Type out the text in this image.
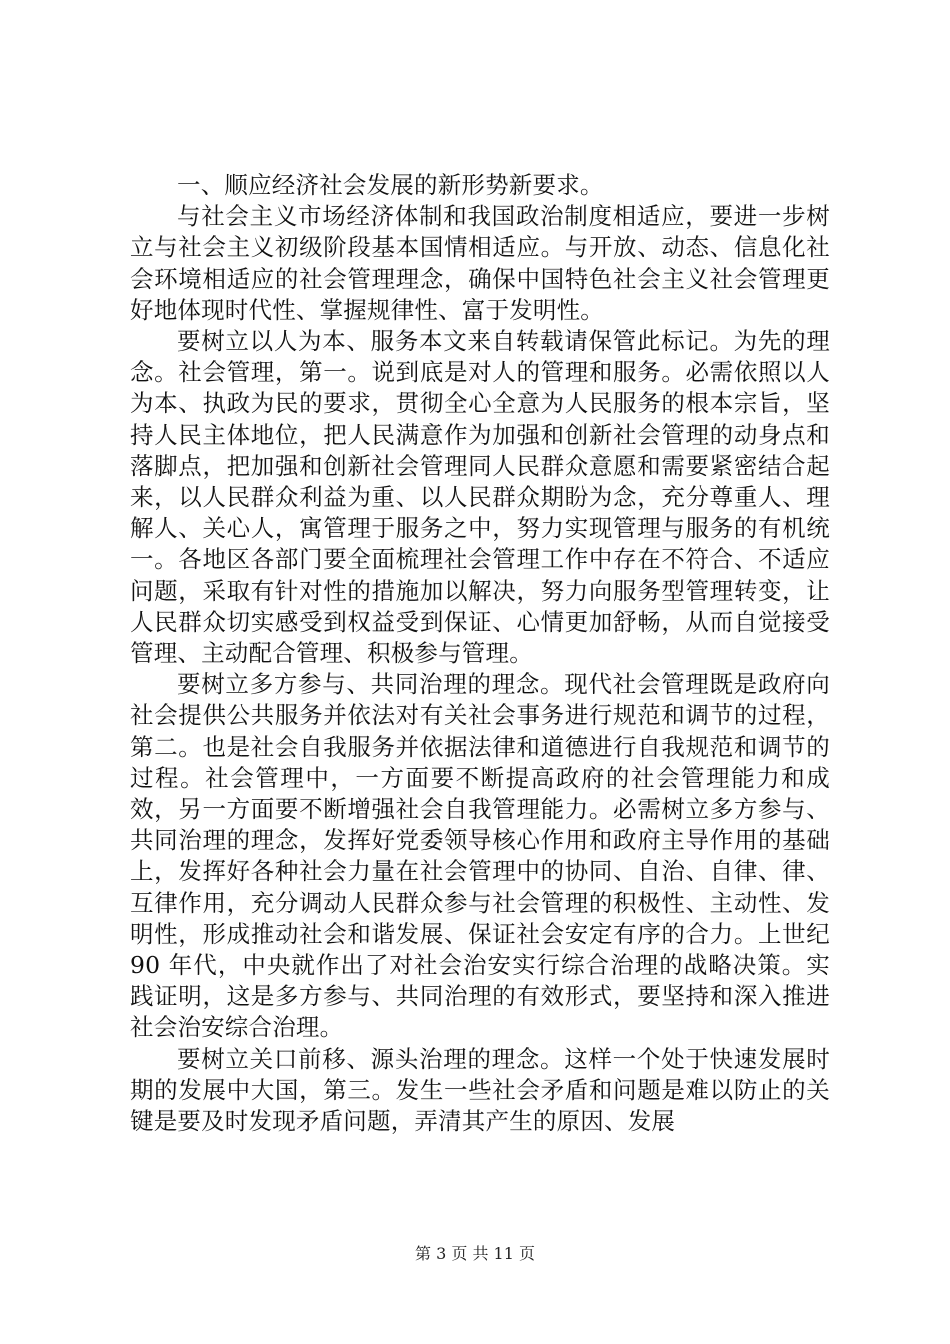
一、顺应经济社会发展的新形势新要求。

与社会主义市场经济体制和我国政治制度相适应，要进一步树立与社会主义初级阶段基本国情相适应。与开放、动态、信息化社会环境相适应的社会管理理念，确保中国特色社会主义社会管理更好地体现时代性、掌握规律性、富于发明性。

要树立以人为本、服务本文来自转载请保管此标记。为先的理念。社会管理，第一。说到底是对人的管理和服务。必需依照以人为本、执政为民的要求，贯彻全心全意为人民服务的根本宗旨，坚持人民主体地位，把人民满意作为加强和创新社会管理的动身点和落脚点，把加强和创新社会管理同人民群众意愿和需要紧密结合起来，以人民群众利益为重、以人民群众期盼为念，充分尊重人、理解人、关心人，寓管理于服务之中，努力实现管理与服务的有机统一。各地区各部门要全面梳理社会管理工作中存在不符合、不适应问题，采取有针对性的措施加以解决，努力向服务型管理转变，让人民群众切实感受到权益受到保证、心情更加舒畅，从而自觉接受管理、主动配合管理、积极参与管理。

要树立多方参与、共同治理的理念。现代社会管理既是政府向社会提供公共服务并依法对有关社会事务进行规范和调节的过程，第二。也是社会自我服务并依据法律和道德进行自我规范和调节的过程。社会管理中，一方面要不断提高政府的社会管理能力和成效，另一方面要不断增强社会自我管理能力。必需树立多方参与、共同治理的理念，发挥好党委领导核心作用和政府主导作用的基础上，发挥好各种社会力量在社会管理中的协同、自治、自律、律、互律作用，充分调动人民群众参与社会管理的积极性、主动性、发明性，形成推动社会和谐发展、保证社会安定有序的合力。上世纪 90 年代，中央就作出了对社会治安实行综合治理的战略决策。实践证明，这是多方参与、共同治理的有效形式，要坚持和深入推进社会治安综合治理。

要树立关口前移、源头治理的理念。这样一个处于快速发展时期的发展中大国，第三。发生一些社会矛盾和问题是难以防止的关键是要及时发现矛盾问题，弄清其产生的原因、发展

第 3 页 共 11 页
